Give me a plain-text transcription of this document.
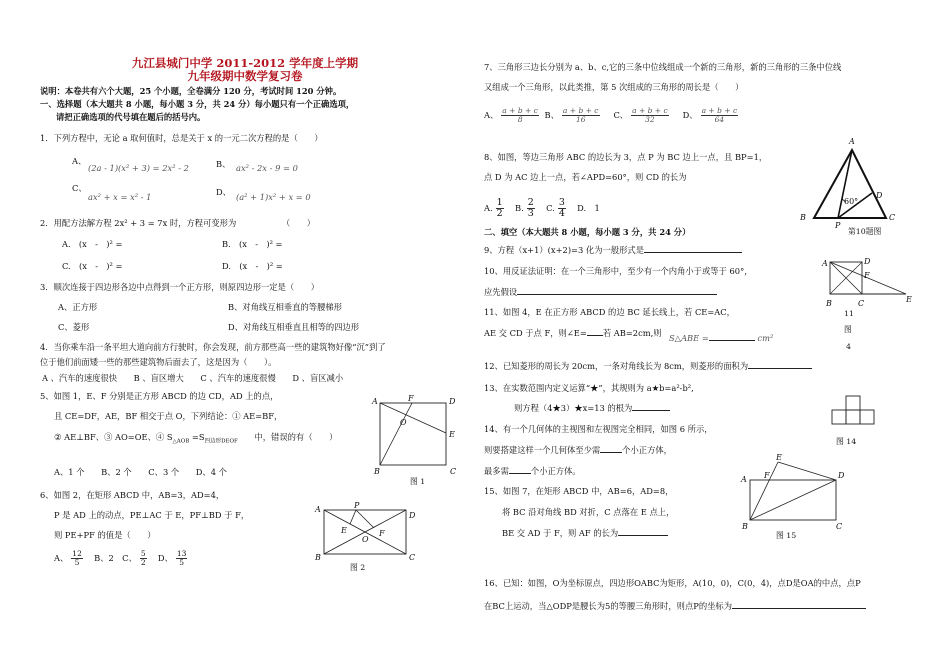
九江县城门中学 2011-2012 学年度上学期
九年级期中数学复习卷
说明：本卷共有六个大题，25 个小题，全卷满分 120 分，考试时间 120 分钟。
一、选择题（本大题共 8 小题，每小题 3 分，共 24 分）每小题只有一个正确选项，
请把正确选项的代号填在题后的括号内。
1．下列方程中，无论 a 取何值时，总是关于 x 的一元二次方程的是（　　）
A、
(2a - 1)(x² + 3) = 2x² - 2	B、 ax² - 2x - 9 = 0
C、
ax² + x = x² - 1	D、 (a² + 1)x² + x = 0
2．用配方法解方程 2x² + 3 = 7x 时，方程可变形为　　　　　　（　　）
A.　(x　-　)² =	B.　(x　-　)² =
C.　(x　-　)² =	D.　(x　-　)² =
3．顺次连接于四边形各边中点得到一个正方形，则原四边形一定是（　　）
A、正方形	B、对角线互相垂直的等腰梯形
C、菱形	D、对角线互相垂直且相等的四边形
4．当你乘车沿一条平坦大道向前方行驶时，你会发现，前方那些高一些的建筑物好像“沉”到了
位于他们前面矮一些的那些建筑物后面去了，这是因为（　　）。
A 、汽车的速度很快　　B 、盲区增大　　C 、汽车的速度很慢　　D 、盲区减小
5、如图 1，E、F 分别是正方形 ABCD 的边 CD，AD 上的点，
且 CE=DF，AE，BF 相交于点 O，下列结论：① AE=BF，
② AE⊥BF、③ AO=OE、④ $S_{\triangle AOB} =S_{四边形DEOF}$　　 中，错误的有（　　）
A、1 个　　B、2 个　　C、3 个　　D、4 个
A	F	D
E
O
B	C
图 1
6、如图 2，在矩形 ABCD 中，AB=3，AD=4，
P 是 AD 上的动点，PE⊥AC 于 E，PF⊥BD 于 F，
则 PE+PF 的值是（　　）
A、 $\frac{12}{5}$
　 B、2　 C、 $\frac{5}{2}$
　 D、 $\frac{13}{5}$
A	P
D
E	F
O
B	C
图 2
7、三角形三边长分别为 a、b、c,它的三条中位线组成一个新的三角形，新的三角形的三条中位线
又组成一个三角形，以此类推，第 5 次组成的三角形的周长是（　　）
A、 $\frac{a + b + c}{8}$ B、 $\frac{a + b + c}{16}$
　 C、 $\frac{a + b + c}{32}$
　 D、 $\frac{a + b + c}{64}$
8、如图，等边三角形 ABC 的边长为 3，点 P 为 BC 边上一点，且 BP=1，
点 D 为 AC 边上一点，若∠APD=60°，则 CD 的长为
A. $\frac{1}{2}$
　 B. $\frac{2}{3}$
　 C. $\frac{3}{4}$
　 D.　1
A
D
60°
B	C
P
第10题图
二、填空（本大题共 8 小题，每小题 3 分，共 24 分）
9、方程（x+1）(x+2)=3 化为一般形式是
10、用反证法证明：在一个三角形中，至少有一个内角小于或等于 60°，
应先假设
11、如图 4，E 在正方形 ABCD 的边 BC 延长线上，若 CE=AC，
AE 交 CD 于点 F，则∠E= 若 AB=2cm,则 S△ABE =	cm²
A	D
F
E
B	C
11
图
4
12、已知菱形的周长为 20cm，一条对角线长为 8cm，则菱形的面积为
13、在实数范围内定义运算“★”，其规则为 a★b=a²-b²,
则方程（4★3）★x=13 的根为
14、有一个几何体的主视图和左视图完全相同，如图 6 所示，
则要搭建这样一个几何体至少需	个小正方体，
最多需	个小正方体。
图 14
15、如图 7，在矩形 ABCD 中，AB=6，AD=8，
将 BC 沿对角线 BD 对折，C 点落在 E 点上，
BE 交 AD 于 F，则 AF 的长为
E
A F	D
B	C
图 15
16、已知：如图，O为坐标原点，四边形OABC为矩形，A(10，0)，C(0，4)，点D是OA的中点，点P
在BC上运动，当△ODP是腰长为5的等腰三角形时，则点P的坐标为
